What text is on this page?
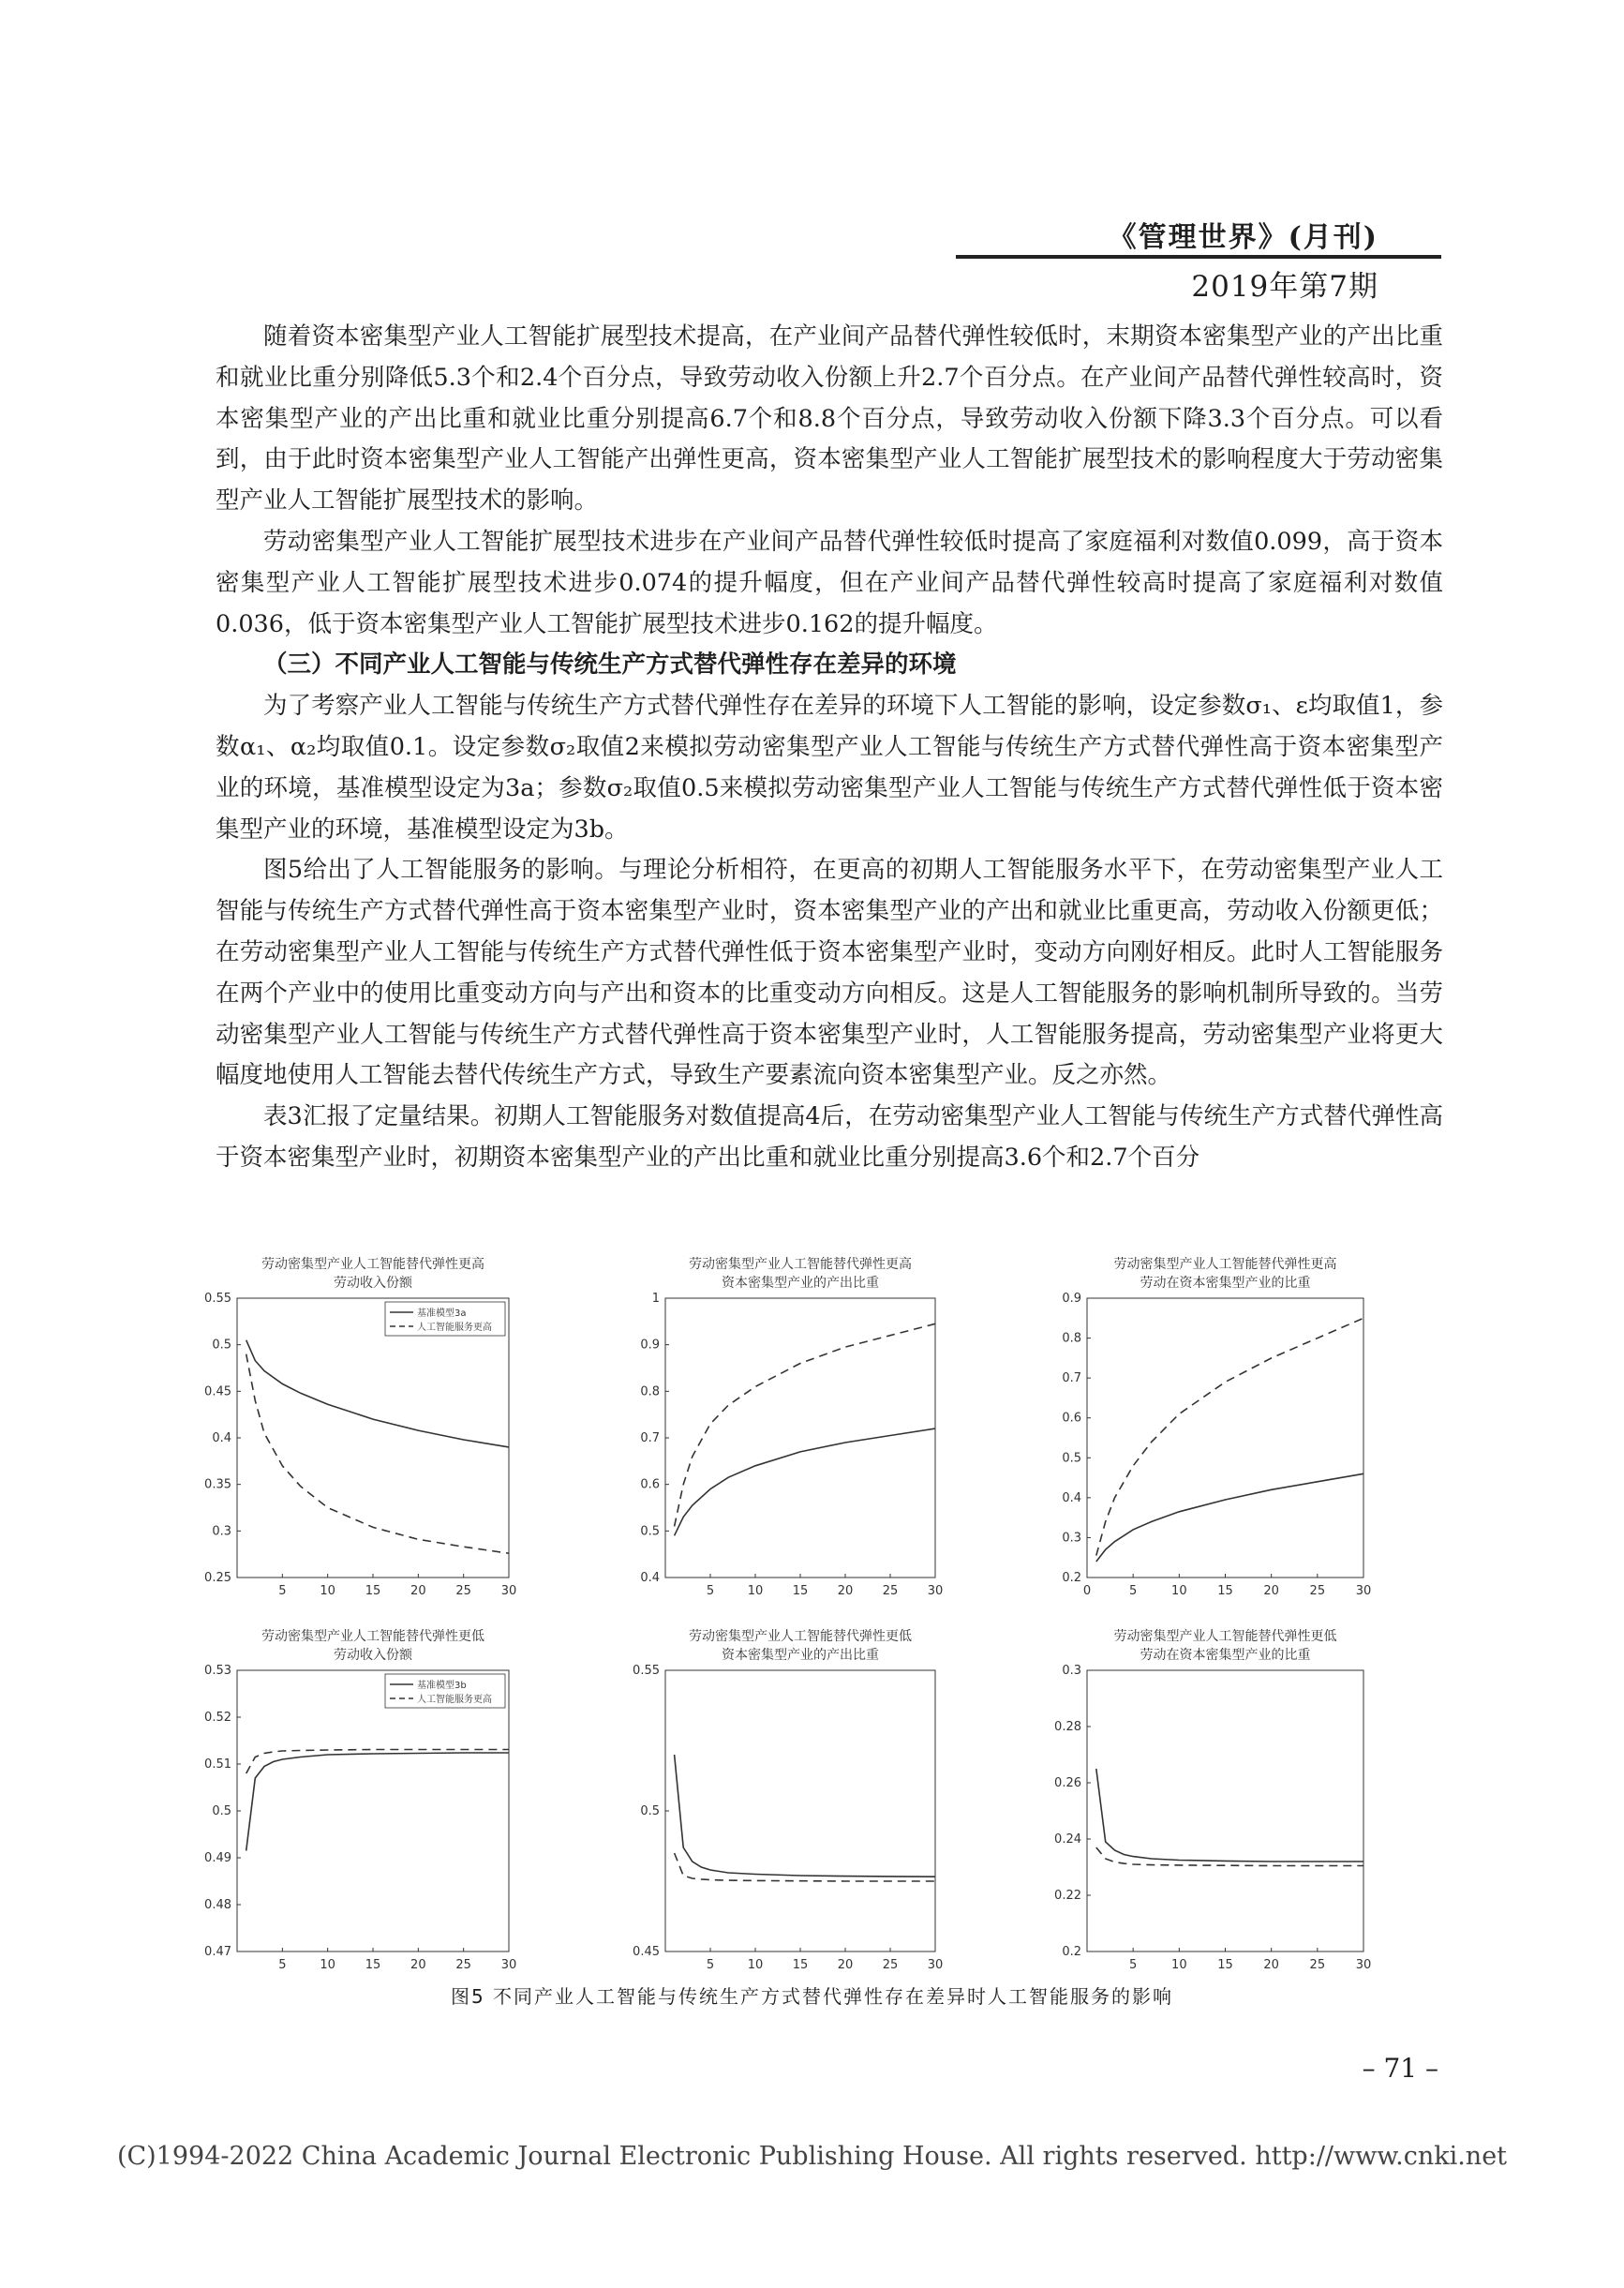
《管理世界》(月刊)
2019年第7期

随着资本密集型产业人工智能扩展型技术提高，在产业间产品替代弹性较低时，末期资本密集型产业的产出比重和就业比重分别降低5.3个和2.4个百分点，导致劳动收入份额上升2.7个百分点。在产业间产品替代弹性较高时，资本密集型产业的产出比重和就业比重分别提高6.7个和8.8个百分点，导致劳动收入份额下降3.3个百分点。可以看到，由于此时资本密集型产业人工智能产出弹性更高，资本密集型产业人工智能扩展型技术的影响程度大于劳动密集型产业人工智能扩展型技术的影响。

劳动密集型产业人工智能扩展型技术进步在产业间产品替代弹性较低时提高了家庭福利对数值0.099，高于资本密集型产业人工智能扩展型技术进步0.074的提升幅度，但在产业间产品替代弹性较高时提高了家庭福利对数值0.036，低于资本密集型产业人工智能扩展型技术进步0.162的提升幅度。

（三）不同产业人工智能与传统生产方式替代弹性存在差异的环境

为了考察产业人工智能与传统生产方式替代弹性存在差异的环境下人工智能的影响，设定参数σ₁、ε均取值1，参数α₁、α₂均取值0.1。设定参数σ₂取值2来模拟劳动密集型产业人工智能与传统生产方式替代弹性高于资本密集型产业的环境，基准模型设定为3a；参数σ₂取值0.5来模拟劳动密集型产业人工智能与传统生产方式替代弹性低于资本密集型产业的环境，基准模型设定为3b。

图5给出了人工智能服务的影响。与理论分析相符，在更高的初期人工智能服务水平下，在劳动密集型产业人工智能与传统生产方式替代弹性高于资本密集型产业时，资本密集型产业的产出和就业比重更高，劳动收入份额更低；在劳动密集型产业人工智能与传统生产方式替代弹性低于资本密集型产业时，变动方向刚好相反。此时人工智能服务在两个产业中的使用比重变动方向与产出和资本的比重变动方向相反。这是人工智能服务的影响机制所导致的。当劳动密集型产业人工智能与传统生产方式替代弹性高于资本密集型产业时，人工智能服务提高，劳动密集型产业将更大幅度地使用人工智能去替代传统生产方式，导致生产要素流向资本密集型产业。反之亦然。

表3汇报了定量结果。初期人工智能服务对数值提高4后，在劳动密集型产业人工智能与传统生产方式替代弹性高于资本密集型产业时，初期资本密集型产业的产出比重和就业比重分别提高3.6个和2.7个百分

劳动密集型产业人工智能替代弹性更高
劳动收入份额
5	10 15 20 25 30
0.25
0.3
0.35
0.4
0.45
0.5
0.55
基准模型3a
人工智能服务更高
劳动密集型产业人工智能替代弹性更高
资本密集型产业的产出比重
5	10 15 20 25 30
0.4
0.5
0.6
0.7
0.8
0.9
1
劳动密集型产业人工智能替代弹性更高
劳动在资本密集型产业的比重
0	5	10	15	20	25	30
0.2
0.3
0.4
0.5
0.6
0.7
0.8
0.9
劳动密集型产业人工智能替代弹性更低
劳动收入份额
5	10 15 20 25 30
0.47
0.48
0.49
0.5
0.51
0.52
0.53
基准模型3b
人工智能服务更高
劳动密集型产业人工智能替代弹性更低
资本密集型产业的产出比重
5	10 15 20 25 30
0.45
0.5
0.55
劳动密集型产业人工智能替代弹性更低
劳动在资本密集型产业的比重
5	10	15	20	25	30
0.2
0.22
0.24
0.26
0.28
0.3
图5 不同产业人工智能与传统生产方式替代弹性存在差异时人工智能服务的影响
– 71 –
(C)1994-2022 China Academic Journal Electronic Publishing House. All rights reserved. http://www.cnki.net
